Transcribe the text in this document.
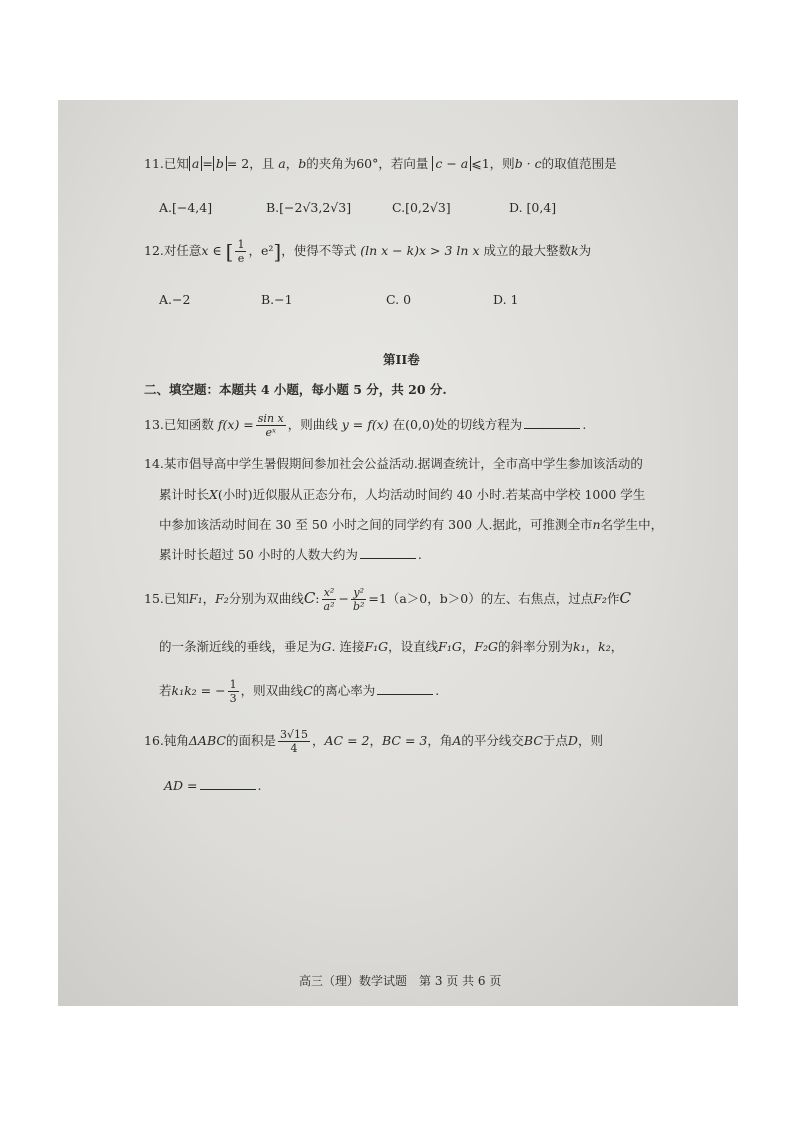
11.已知 a = b = 2，且 a，b的夹角为60°，若向量 c − a ⩽1，则b · c的取值范围是
A.[−4,4]	B.[−2√3,2√3]	C.[0,2√3]	D. [0,4]
12.对任意x ∈ [ $\frac{1}{e}$ ，e²]，使得不等式 (ln x − k)x > 3 ln x 成立的最大整数k为
A.−2	B.−1	C. 0	D. 1
第II卷
二、填空题：本题共 4 小题，每小题 5 分，共 20 分.
13.已知函数 $f(x) = \frac{\text{sin x}}{\text{eˣ}}$ ，则曲线 y = f(x) 在(0,0)处的切线方程为	.
14.某市倡导高中学生暑假期间参加社会公益活动.据调查统计，全市高中学生参加该活动的
累计时长X(小时)近似服从正态分布，人均活动时间约 40 小时.若某高中学校 1000 学生
中参加该活动时间在 30 至 50 小时之间的同学约有 300 人.据此，可推测全市n名学生中，
累计时长超过 50 小时的人数大约为	.
15.已知F₁，F₂分别为双曲线C: $\frac{\text{x²}}{\text{a²}} - \frac{\text{y²}}{\text{b²}} =1(a>0$，b＞0）的左、右焦点，过点F₂作C
的一条渐近线的垂线，垂足为G. 连接F₁G，设直线F₁G，F₂G的斜率分别为k₁，k₂，
若k₁k₂ = − $\frac{1}{3}$ ，则双曲线C的离心率为	.
16.钝角ΔABC的面积是 $\frac{3√15}{4}$ ，AC = 2，BC = 3，角A的平分线交BC于点D，则
AD =	.
高三（理）数学试题　第 3 页 共 6 页
